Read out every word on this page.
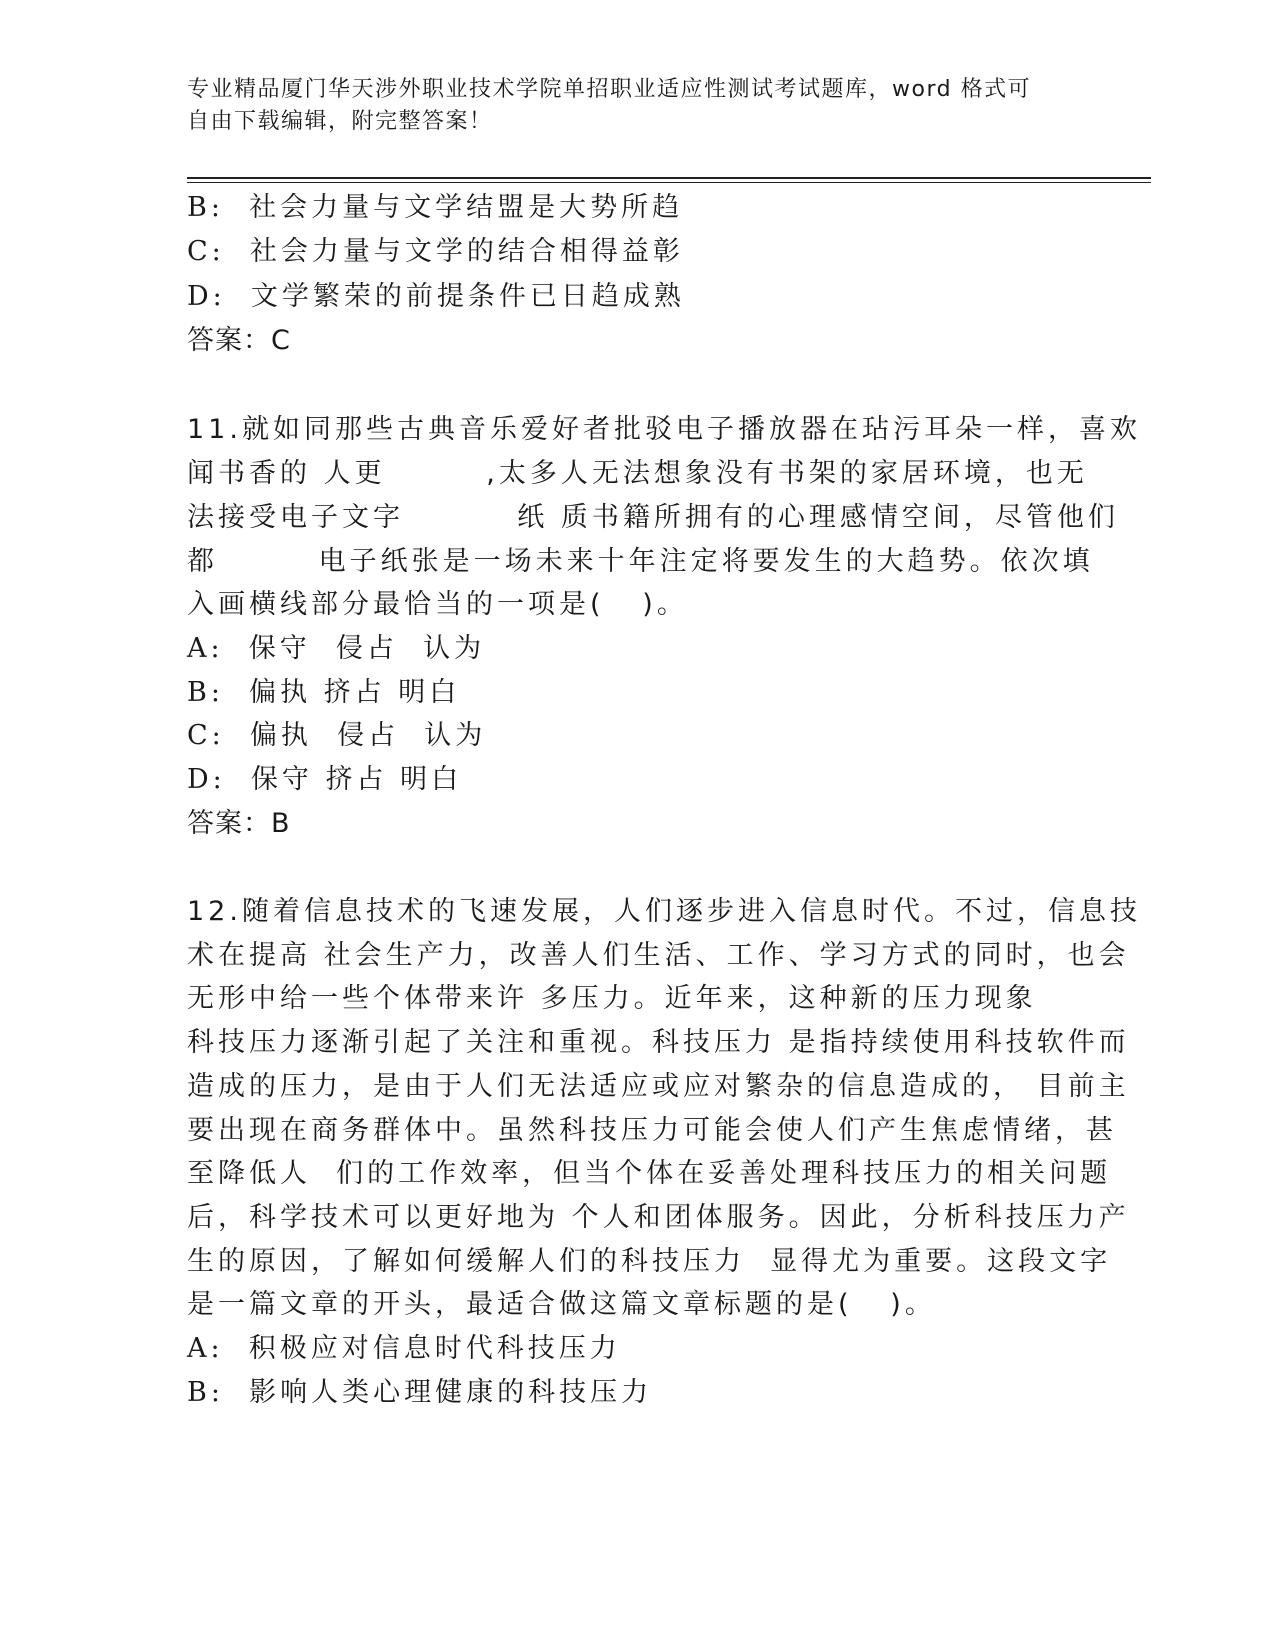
专业精品厦门华天涉外职业技术学院单招职业适应性测试考试题库，word 格式可
自由下载编辑，附完整答案！
B:  社会力量与文学结盟是大势所趋
C:  社会力量与文学的结合相得益彰
D:  文学繁荣的前提条件已日趋成熟
答案：C
11.就如同那些古典音乐爱好者批驳电子播放器在玷污耳朵一样，喜欢
闻书香的 人更        ,太多人无法想象没有书架的家居环境，也无
法接受电子文字         纸 质书籍所拥有的心理感情空间，尽管他们
都        电子纸张是一场未来十年注定将要发生的大趋势。依次填
入画横线部分最恰当的一项是(   )。
A:  保守  侵占  认为
B:  偏执 挤占 明白
C:  偏执  侵占  认为
D:  保守 挤占 明白
答案：B
12.随着信息技术的飞速发展，人们逐步进入信息时代。不过，信息技
术在提高 社会生产力，改善人们生活、工作、学习方式的同时，也会
无形中给一些个体带来许 多压力。近年来，这种新的压力现象
科技压力逐渐引起了关注和重视。科技压力 是指持续使用科技软件而
造成的压力，是由于人们无法适应或应对繁杂的信息造成的， 目前主
要出现在商务群体中。虽然科技压力可能会使人们产生焦虑情绪，甚
至降低人  们的工作效率，但当个体在妥善处理科技压力的相关问题
后，科学技术可以更好地为 个人和团体服务。因此，分析科技压力产
生的原因，了解如何缓解人们的科技压力  显得尤为重要。这段文字
是一篇文章的开头，最适合做这篇文章标题的是(   )。
A:  积极应对信息时代科技压力
B:  影响人类心理健康的科技压力
